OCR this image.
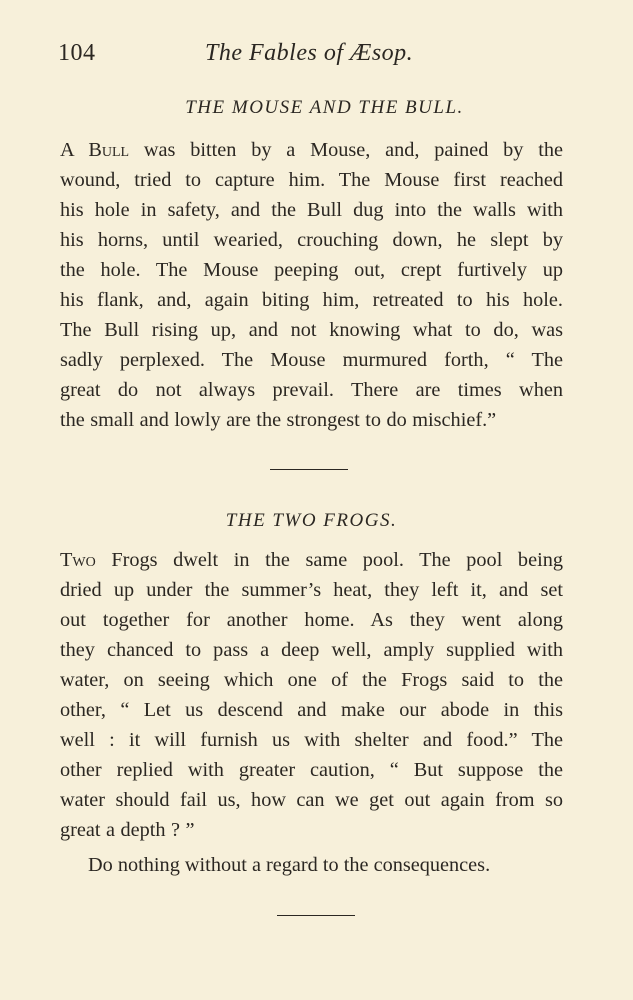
104	The Fables of Æsop.
THE MOUSE AND THE BULL.
A Bull was bitten by a Mouse, and, pained by the
wound, tried to capture him. The Mouse first reached
his hole in safety, and the Bull dug into the walls with
his horns, until wearied, crouching down, he slept by
the hole. The Mouse peeping out, crept furtively up
his flank, and, again biting him, retreated to his hole.
The Bull rising up, and not knowing what to do, was
sadly perplexed. The Mouse murmured forth, “ The
great do not always prevail. There are times when
the small and lowly are the strongest to do mischief.”
THE TWO FROGS.
Two Frogs dwelt in the same pool. The pool being
dried up under the summer’s heat, they left it, and set
out together for another home. As they went along
they chanced to pass a deep well, amply supplied with
water, on seeing which one of the Frogs said to the
other, “ Let us descend and make our abode in this
well : it will furnish us with shelter and food.” The
other replied with greater caution, “ But suppose the
water should fail us, how can we get out again from so
great a depth ? ”
Do nothing without a regard to the consequences.
